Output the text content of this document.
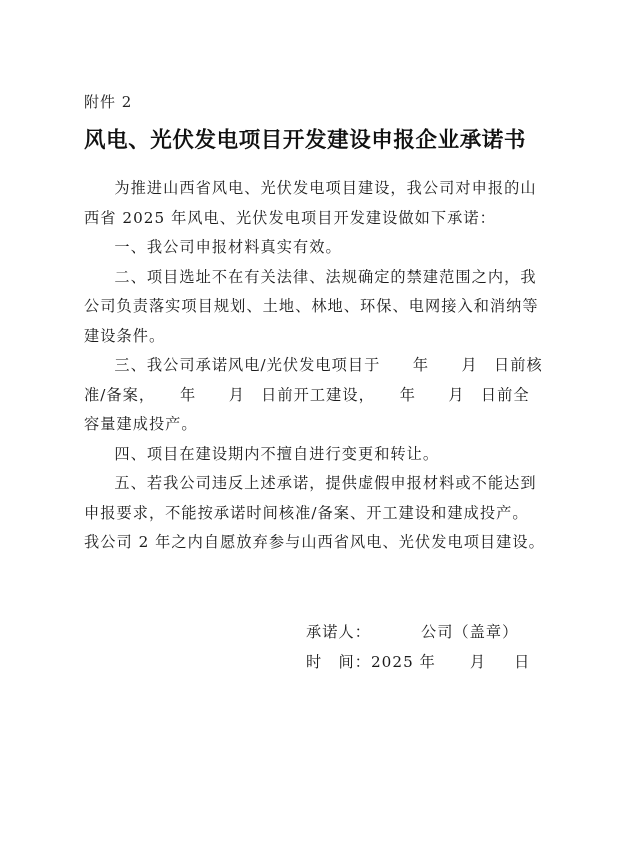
附件 2

风电、光伏发电项目开发建设申报企业承诺书

为推进山西省风电、光伏发电项目建设，我公司对申报的山
西省 2025 年风电、光伏发电项目开发建设做如下承诺：

一、我公司申报材料真实有效。

二、项目选址不在有关法律、法规确定的禁建范围之内，我
公司负责落实项目规划、土地、林地、环保、电网接入和消纳等
建设条件。

三、我公司承诺风电/光伏发电项目于　　年　　月　日前核
准/备案，　　年　　月　日前开工建设，　　年　　月　日前全
容量建成投产。

四、项目在建设期内不擅自进行变更和转让。

五、若我公司违反上述承诺，提供虚假申报材料或不能达到
申报要求，不能按承诺时间核准/备案、开工建设和建成投产。
我公司 2 年之内自愿放弃参与山西省风电、光伏发电项目建设。

承诺人：	公司（盖章）
时　间：2025 年 月 日
